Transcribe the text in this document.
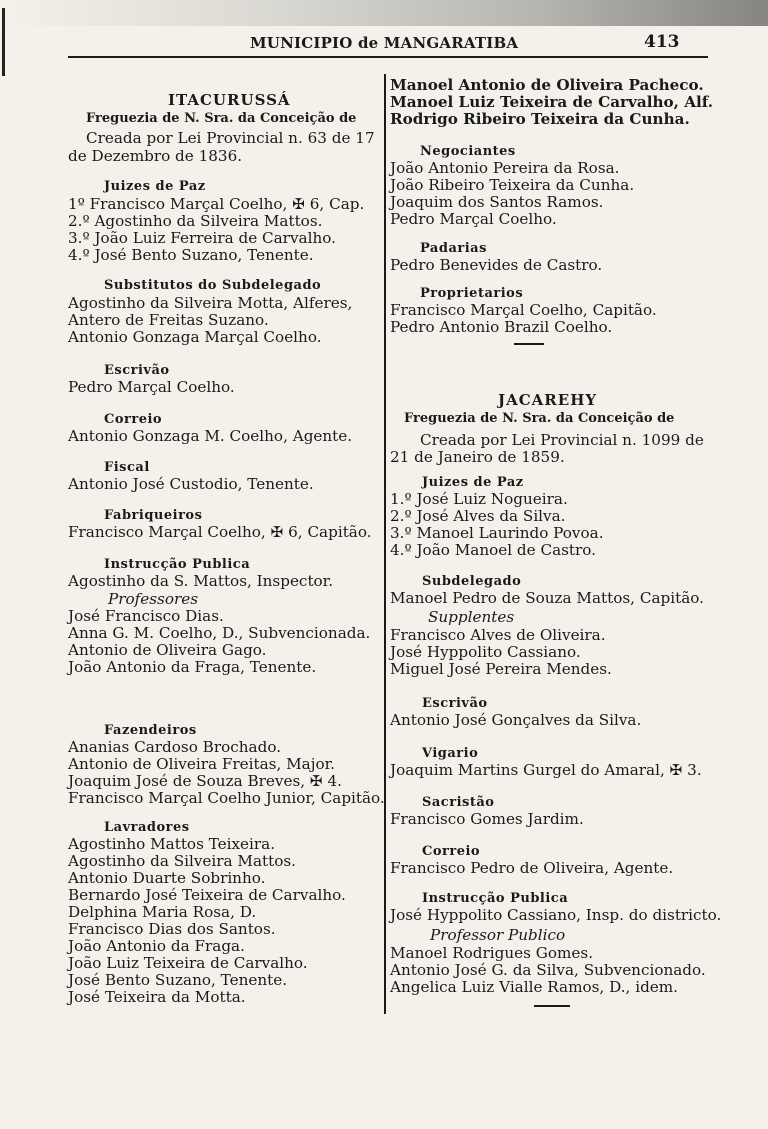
MUNICIPIO de MANGARATIBA	413
ITACURUSSÁ
Freguezia de N. Sra. da Conceição de
Creada por Lei Provincial n. 63 de 17
de Dezembro de 1836.
Juizes de Paz
1º Francisco Marçal Coelho, ✠ 6, Cap.
2.º Agostinho da Silveira Mattos.
3.º João Luiz Ferreira de Carvalho.
4.º José Bento Suzano, Tenente.
Substitutos do Subdelegado
Agostinho da Silveira Motta, Alferes,
Antero de Freitas Suzano.
Antonio Gonzaga Marçal Coelho.
Escrivão
Pedro Marçal Coelho.
Correio
Antonio Gonzaga M. Coelho, Agente.
Fiscal
Antonio José Custodio, Tenente.
Fabriqueiros
Francisco Marçal Coelho, ✠ 6, Capitão.
Instrucção Publica
Agostinho da S. Mattos, Inspector.
Professores
José Francisco Dias.
Anna G. M. Coelho, D., Subvencionada.
Antonio de Oliveira Gago.
João Antonio da Fraga, Tenente.
Fazendeiros
Ananias Cardoso Brochado.
Antonio de Oliveira Freitas, Major.
Joaquim José de Souza Breves, ✠ 4.
Francisco Marçal Coelho Junior, Capitão.
Lavradores
Agostinho Mattos Teixeira.
Agostinho da Silveira Mattos.
Antonio Duarte Sobrinho.
Bernardo José Teixeira de Carvalho.
Delphina Maria Rosa, D.
Francisco Dias dos Santos.
João Antonio da Fraga.
João Luiz Teixeira de Carvalho.
José Bento Suzano, Tenente.
José Teixeira da Motta.
Manoel Antonio de Oliveira Pacheco.
Manoel Luiz Teixeira de Carvalho, Alf.
Rodrigo Ribeiro Teixeira da Cunha.
Negociantes
João Antonio Pereira da Rosa.
João Ribeiro Teixeira da Cunha.
Joaquim dos Santos Ramos.
Pedro Marçal Coelho.
Padarias
Pedro Benevides de Castro.
Proprietarios
Francisco Marçal Coelho, Capitão.
Pedro Antonio Brazil Coelho.
JACAREHY
Freguezia de N. Sra. da Conceição de
Creada por Lei Provincial n. 1099 de
21 de Janeiro de 1859.
Juizes de Paz
1.º José Luiz Nogueira.
2.º José Alves da Silva.
3.º Manoel Laurindo Povoa.
4.º João Manoel de Castro.
Subdelegado
Manoel Pedro de Souza Mattos, Capitão.
Supplentes
Francisco Alves de Oliveira.
José Hyppolito Cassiano.
Miguel José Pereira Mendes.
Escrivão
Antonio José Gonçalves da Silva.
Vigario
Joaquim Martins Gurgel do Amaral, ✠ 3.
Sacristão
Francisco Gomes Jardim.
Correio
Francisco Pedro de Oliveira, Agente.
Instrucção Publica
José Hyppolito Cassiano, Insp. do districto.
Professor Publico
Manoel Rodrigues Gomes.
Antonio José G. da Silva, Subvencionado.
Angelica Luiz Vialle Ramos, D., idem.
